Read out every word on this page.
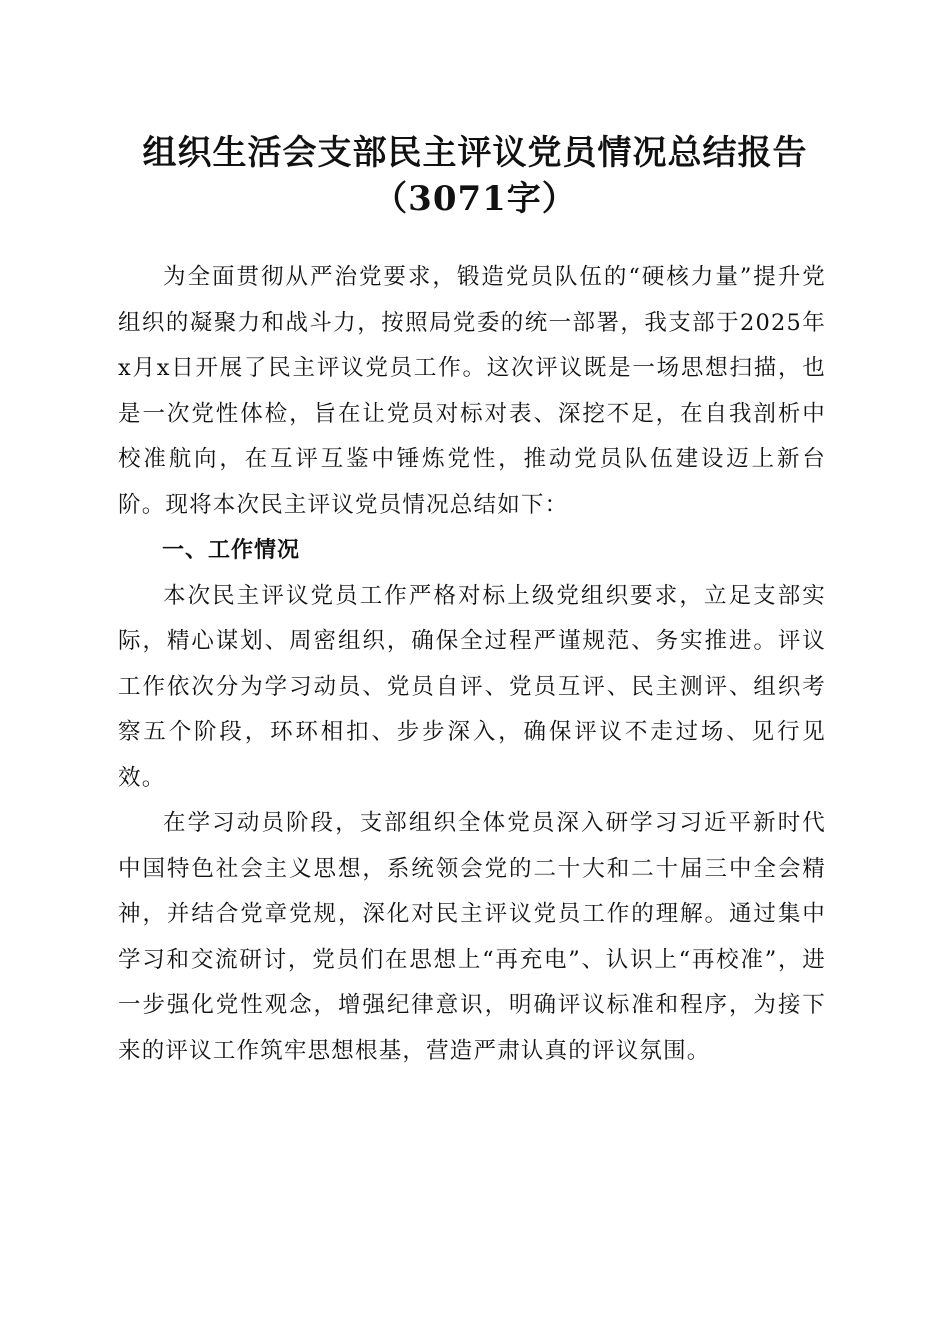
组织生活会支部民主评议党员情况总结报告
（3071字）

为全面贯彻从严治党要求，锻造党员队伍的“硬核力量”提升党组织的凝聚力和战斗力，按照局党委的统一部署，我支部于2025年x月x日开展了民主评议党员工作。这次评议既是一场思想扫描，也是一次党性体检，旨在让党员对标对表、深挖不足，在自我剖析中校准航向，在互评互鉴中锤炼党性，推动党员队伍建设迈上新台阶。现将本次民主评议党员情况总结如下：

一、工作情况

本次民主评议党员工作严格对标上级党组织要求，立足支部实际，精心谋划、周密组织，确保全过程严谨规范、务实推进。评议工作依次分为学习动员、党员自评、党员互评、民主测评、组织考察五个阶段，环环相扣、步步深入，确保评议不走过场、见行见效。

在学习动员阶段，支部组织全体党员深入研学习习近平新时代中国特色社会主义思想，系统领会党的二十大和二十届三中全会精神，并结合党章党规，深化对民主评议党员工作的理解。通过集中学习和交流研讨，党员们在思想上“再充电”、认识上“再校准”，进一步强化党性观念，增强纪律意识，明确评议标准和程序，为接下来的评议工作筑牢思想根基，营造严肃认真的评议氛围。
